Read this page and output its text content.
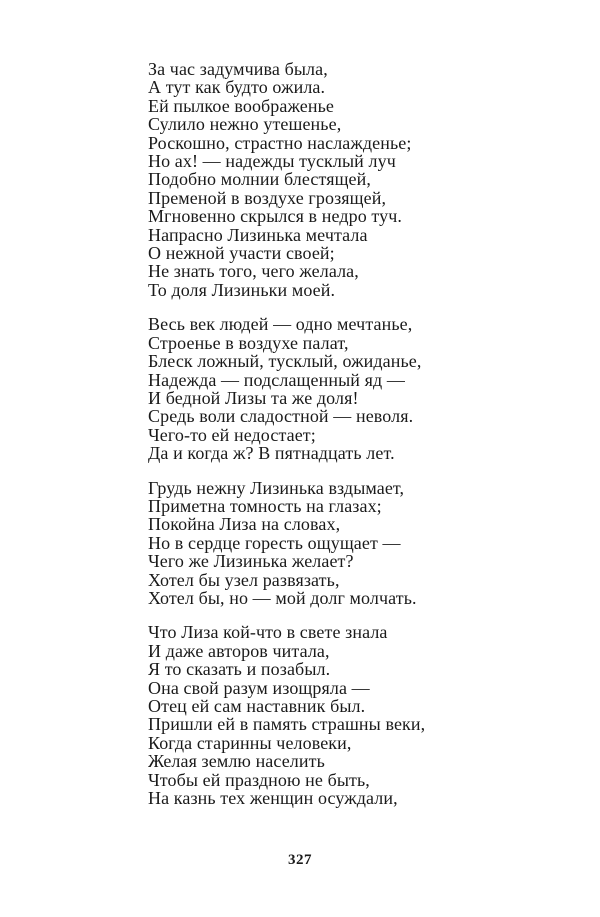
За час задумчива была,
А тут как будто ожила.
Ей пылкое воображенье
Сулило нежно утешенье,
Роскошно, страстно наслажденье;
Но ах! — надежды тусклый луч
Подобно молнии блестящей,
Пременой в воздухе грозящей,
Мгновенно скрылся в недро туч.
Напрасно Лизинька мечтала
О нежной участи своей;
Не знать того, чего желала,
То доля Лизиньки моей.
Весь век людей — одно мечтанье,
Строенье в воздухе палат,
Блеск ложный, тусклый, ожиданье,
Надежда — подслащенный яд —
И бедной Лизы та же доля!
Средь воли сладостной — неволя.
Чего-то ей недостает;
Да и когда ж? В пятнадцать лет.
Грудь нежну Лизинька вздымает,
Приметна томность на глазах;
Покойна Лиза на словах,
Но в сердце горесть ощущает —
Чего же Лизинька желает?
Хотел бы узел развязать,
Хотел бы, но — мой долг молчать.
Что Лиза кой-что в свете знала
И даже авторов читала,
Я то сказать и позабыл.
Она свой разум изощряла —
Отец ей сам наставник был.
Пришли ей в память страшны веки,
Когда старинны человеки,
Желая землю населить
Чтобы ей праздною не быть,
На казнь тех женщин осуждали,
327
